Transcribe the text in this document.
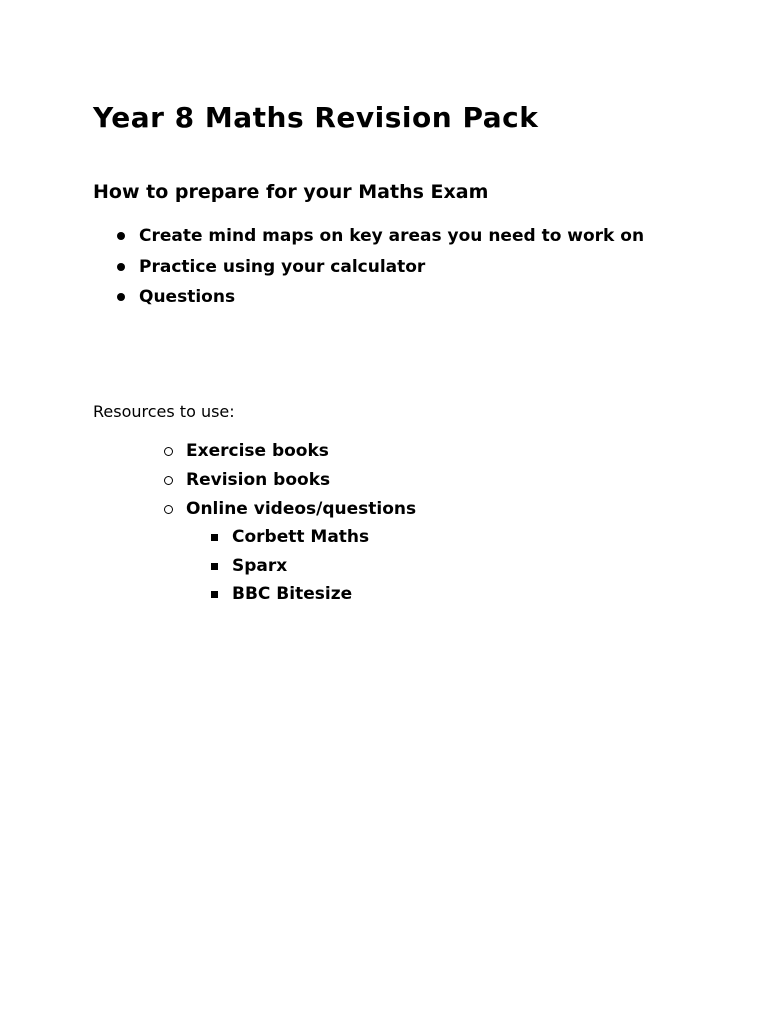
Year 8 Maths Revision Pack
How to prepare for your Maths Exam
Create mind maps on key areas you need to work on
Practice using your calculator
Questions

Resources to use:

Exercise books
Revision books
Online videos/questions
Corbett Maths
Sparx
BBC Bitesize
